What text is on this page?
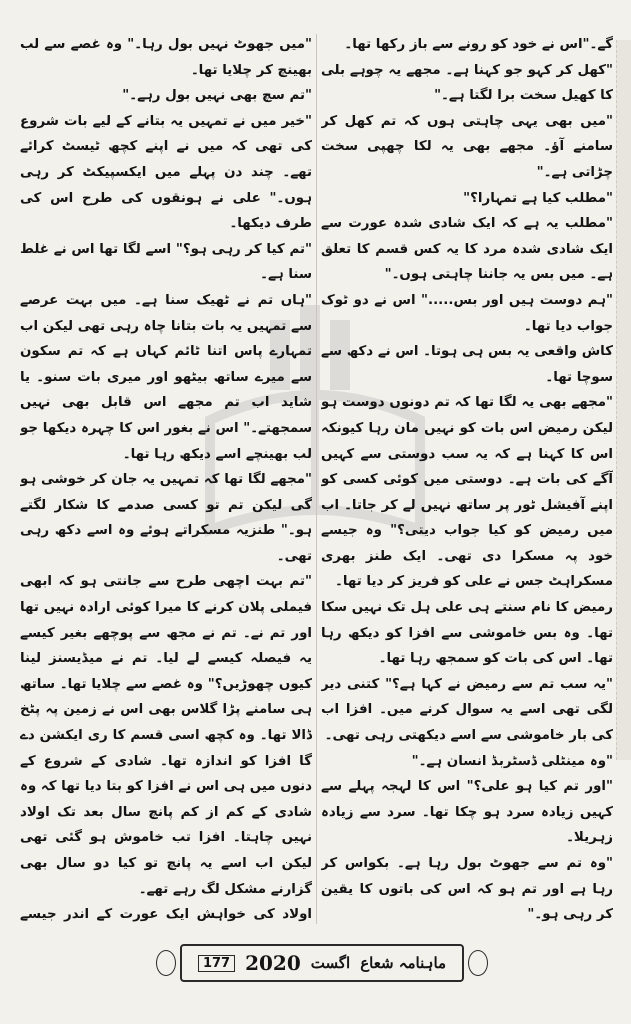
گے۔"اس نے خود کو رونے سے باز رکھا تھا۔

"کھل کر کہو جو کہنا ہے۔ مجھے یہ چوہے بلی کا کھیل سخت برا لگتا ہے۔"

"میں بھی یہی چاہتی ہوں کہ تم کھل کر سامنے آؤ۔ مجھے بھی یہ لکا چھپی سخت چڑاتی ہے۔"

"مطلب کیا ہے تمہارا؟"

"مطلب یہ ہے کہ ایک شادی شدہ عورت سے ایک شادی شدہ مرد کا یہ کس قسم کا تعلق ہے۔ میں بس یہ جاننا چاہتی ہوں۔"

"ہم دوست ہیں اور بس....." اس نے دو ٹوک جواب دیا تھا۔

کاش واقعی یہ بس ہی ہوتا۔ اس نے دکھ سے سوچا تھا۔

"مجھے بھی یہ لگا تھا کہ تم دونوں دوست ہو لیکن رمیض اس بات کو نہیں مان رہا کیونکہ اس کا کہنا ہے کہ یہ سب دوستی سے کہیں آگے کی بات ہے۔ دوستی میں کوئی کسی کو اپنے آفیشل ٹور پر ساتھ نہیں لے کر جاتا۔ اب میں رمیض کو کیا جواب دیتی؟" وہ جیسے خود پہ مسکرا دی تھی۔ ایک طنز بھری مسکراہٹ جس نے علی کو فریز کر دیا تھا۔

رمیض کا نام سنتے ہی علی ہل تک نہیں سکا تھا۔ وہ بس خاموشی سے افزا کو دیکھ رہا تھا۔ اس کی بات کو سمجھ رہا تھا۔

"یہ سب تم سے رمیض نے کہا ہے؟" کتنی دیر لگی تھی اسے یہ سوال کرنے میں۔ افزا اب کی بار خاموشی سے اسے دیکھتی رہی تھی۔

"وہ مینٹلی ڈسٹربڈ انسان ہے۔"

"اور تم کیا ہو علی؟" اس کا لہجہ پہلے سے کہیں زیادہ سرد ہو چکا تھا۔ سرد سے زیادہ زہریلا۔

"وہ تم سے جھوٹ بول رہا ہے۔ بکواس کر رہا ہے اور تم ہو کہ اس کی باتوں کا یقین کر رہی ہو۔"

"میں جھوٹ نہیں بول رہا۔" وہ غصے سے لب بھینچ کر چلایا تھا۔

"تم سچ بھی نہیں بول رہے۔"

"خیر میں نے تمہیں یہ بتانے کے لیے بات شروع کی تھی کہ میں نے اپنے کچھ ٹیسٹ کرائے تھے۔ چند دن پہلے میں ایکسپیکٹ کر رہی ہوں۔" علی نے ہونقوں کی طرح اس کی طرف دیکھا۔

"تم کیا کر رہی ہو؟" اسے لگا تھا اس نے غلط سنا ہے۔

"ہاں تم نے ٹھیک سنا ہے۔ میں بہت عرصے سے تمہیں یہ بات بتانا چاہ رہی تھی لیکن اب تمہارے پاس اتنا ٹائم کہاں ہے کہ تم سکون سے میرے ساتھ بیٹھو اور میری بات سنو۔ یا شاید اب تم مجھے اس قابل بھی نہیں سمجھتے۔" اس نے بغور اس کا چہرہ دیکھا جو لب بھینچے اسے دیکھ رہا تھا۔

"مجھے لگا تھا کہ تمہیں یہ جان کر خوشی ہو گی لیکن تم تو کسی صدمے کا شکار لگتے ہو۔" طنزیہ مسکراتے ہوئے وہ اسے دکھ رہی تھی۔

"تم بہت اچھی طرح سے جانتی ہو کہ ابھی فیملی پلان کرنے کا میرا کوئی ارادہ نہیں تھا اور تم نے۔ تم نے مجھ سے پوچھے بغیر کیسے یہ فیصلہ کیسے لے لیا۔ تم نے میڈیسنز لینا کیوں چھوڑیں؟" وہ غصے سے چلایا تھا۔ ساتھ ہی سامنے پڑا گلاس بھی اس نے زمین پہ پٹخ ڈالا تھا۔ وہ کچھ اسی قسم کا ری ایکشن دے گا افزا کو اندازہ تھا۔ شادی کے شروع کے دنوں میں ہی اس نے افزا کو بتا دیا تھا کہ وہ شادی کے کم از کم پانچ سال بعد تک اولاد نہیں چاہتا۔ افزا تب خاموش ہو گئی تھی لیکن اب اسے یہ پانچ تو کیا دو سال بھی گزارنے مشکل لگ رہے تھے۔

اولاد کی خواہش ایک عورت کے اندر جیسے

ماہنامہ شعاع
اگست
2020
177
